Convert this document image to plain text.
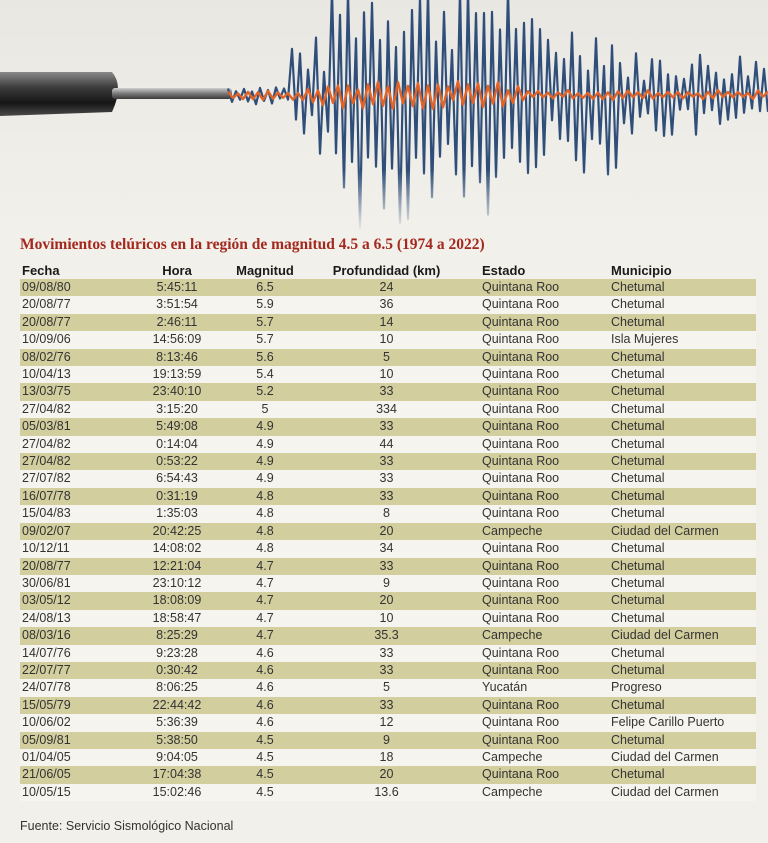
Movimientos telúricos en la región de magnitud 4.5 a 6.5 (1974 a 2022)
Fecha	Hora	Magnitud	Profundidad (km)	Estado	Municipio
09/08/80	5:45:11	6.5	24	Quintana Roo	Chetumal
20/08/77	3:51:54	5.9	36	Quintana Roo	Chetumal
20/08/77	2:46:11	5.7	14	Quintana Roo	Chetumal
10/09/06	14:56:09	5.7	10	Quintana Roo	Isla Mujeres
08/02/76	8:13:46	5.6	5	Quintana Roo	Chetumal
10/04/13	19:13:59	5.4	10	Quintana Roo	Chetumal
13/03/75	23:40:10	5.2	33	Quintana Roo	Chetumal
27/04/82	3:15:20	5	334	Quintana Roo	Chetumal
05/03/81	5:49:08	4.9	33	Quintana Roo	Chetumal
27/04/82	0:14:04	4.9	44	Quintana Roo	Chetumal
27/04/82	0:53:22	4.9	33	Quintana Roo	Chetumal
27/07/82	6:54:43	4.9	33	Quintana Roo	Chetumal
16/07/78	0:31:19	4.8	33	Quintana Roo	Chetumal
15/04/83	1:35:03	4.8	8	Quintana Roo	Chetumal
09/02/07	20:42:25	4.8	20	Campeche	Ciudad del Carmen
10/12/11	14:08:02	4.8	34	Quintana Roo	Chetumal
20/08/77	12:21:04	4.7	33	Quintana Roo	Chetumal
30/06/81	23:10:12	4.7	9	Quintana Roo	Chetumal
03/05/12	18:08:09	4.7	20	Quintana Roo	Chetumal
24/08/13	18:58:47	4.7	10	Quintana Roo	Chetumal
08/03/16	8:25:29	4.7	35.3	Campeche	Ciudad del Carmen
14/07/76	9:23:28	4.6	33	Quintana Roo	Chetumal
22/07/77	0:30:42	4.6	33	Quintana Roo	Chetumal
24/07/78	8:06:25	4.6	5	Yucatán	Progreso
15/05/79	22:44:42	4.6	33	Quintana Roo	Chetumal
10/06/02	5:36:39	4.6	12	Quintana Roo	Felipe Carillo Puerto
05/09/81	5:38:50	4.5	9	Quintana Roo	Chetumal
01/04/05	9:04:05	4.5	18	Campeche	Ciudad del Carmen
21/06/05	17:04:38	4.5	20	Quintana Roo	Chetumal
10/05/15	15:02:46	4.5	13.6	Campeche	Ciudad del Carmen
Fuente: Servicio Sismológico Nacional
